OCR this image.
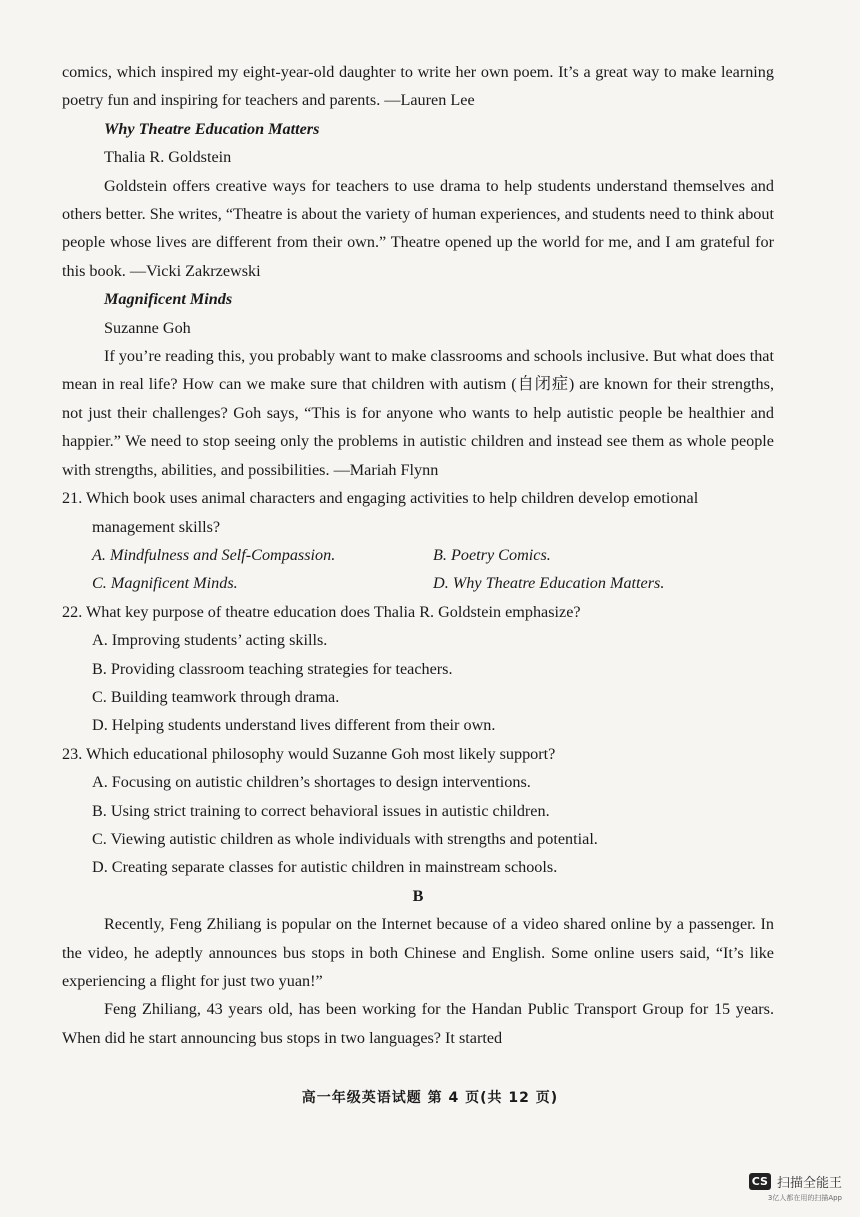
comics, which inspired my eight-year-old daughter to write her own poem. It’s a great way to make learning poetry fun and inspiring for teachers and parents. —Lauren Lee

Why Theatre Education Matters

Thalia R. Goldstein

Goldstein offers creative ways for teachers to use drama to help students understand themselves and others better. She writes, “Theatre is about the variety of human experiences, and students need to think about people whose lives are different from their own.” Theatre opened up the world for me, and I am grateful for this book. —Vicki Zakrzewski

Magnificent Minds

Suzanne Goh

If you’re reading this, you probably want to make classrooms and schools inclusive. But what does that mean in real life? How can we make sure that children with autism (自闭症) are known for their strengths, not just their challenges? Goh says, “This is for anyone who wants to help autistic people be healthier and happier.” We need to stop seeing only the problems in autistic children and instead see them as whole people with strengths, abilities, and possibilities. —Mariah Flynn

21. Which book uses animal characters and engaging activities to help children develop emotional management skills?

A. Mindfulness and Self-Compassion.	B. Poetry Comics.
C. Magnificent Minds.	D. Why Theatre Education Matters.

22. What key purpose of theatre education does Thalia R. Goldstein emphasize?

A. Improving students’ acting skills.

B. Providing classroom teaching strategies for teachers.

C. Building teamwork through drama.

D. Helping students understand lives different from their own.

23. Which educational philosophy would Suzanne Goh most likely support?

A. Focusing on autistic children’s shortages to design interventions.

B. Using strict training to correct behavioral issues in autistic children.

C. Viewing autistic children as whole individuals with strengths and potential.

D. Creating separate classes for autistic children in mainstream schools.

B

Recently, Feng Zhiliang is popular on the Internet because of a video shared online by a passenger. In the video, he adeptly announces bus stops in both Chinese and English. Some online users said, “It’s like experiencing a flight for just two yuan!”

Feng Zhiliang, 43 years old, has been working for the Handan Public Transport Group for 15 years. When did he start announcing bus stops in two languages? It started

高一年级英语试题 第 4 页(共 12 页)
CS 扫描全能王
3亿人都在用的扫描App
